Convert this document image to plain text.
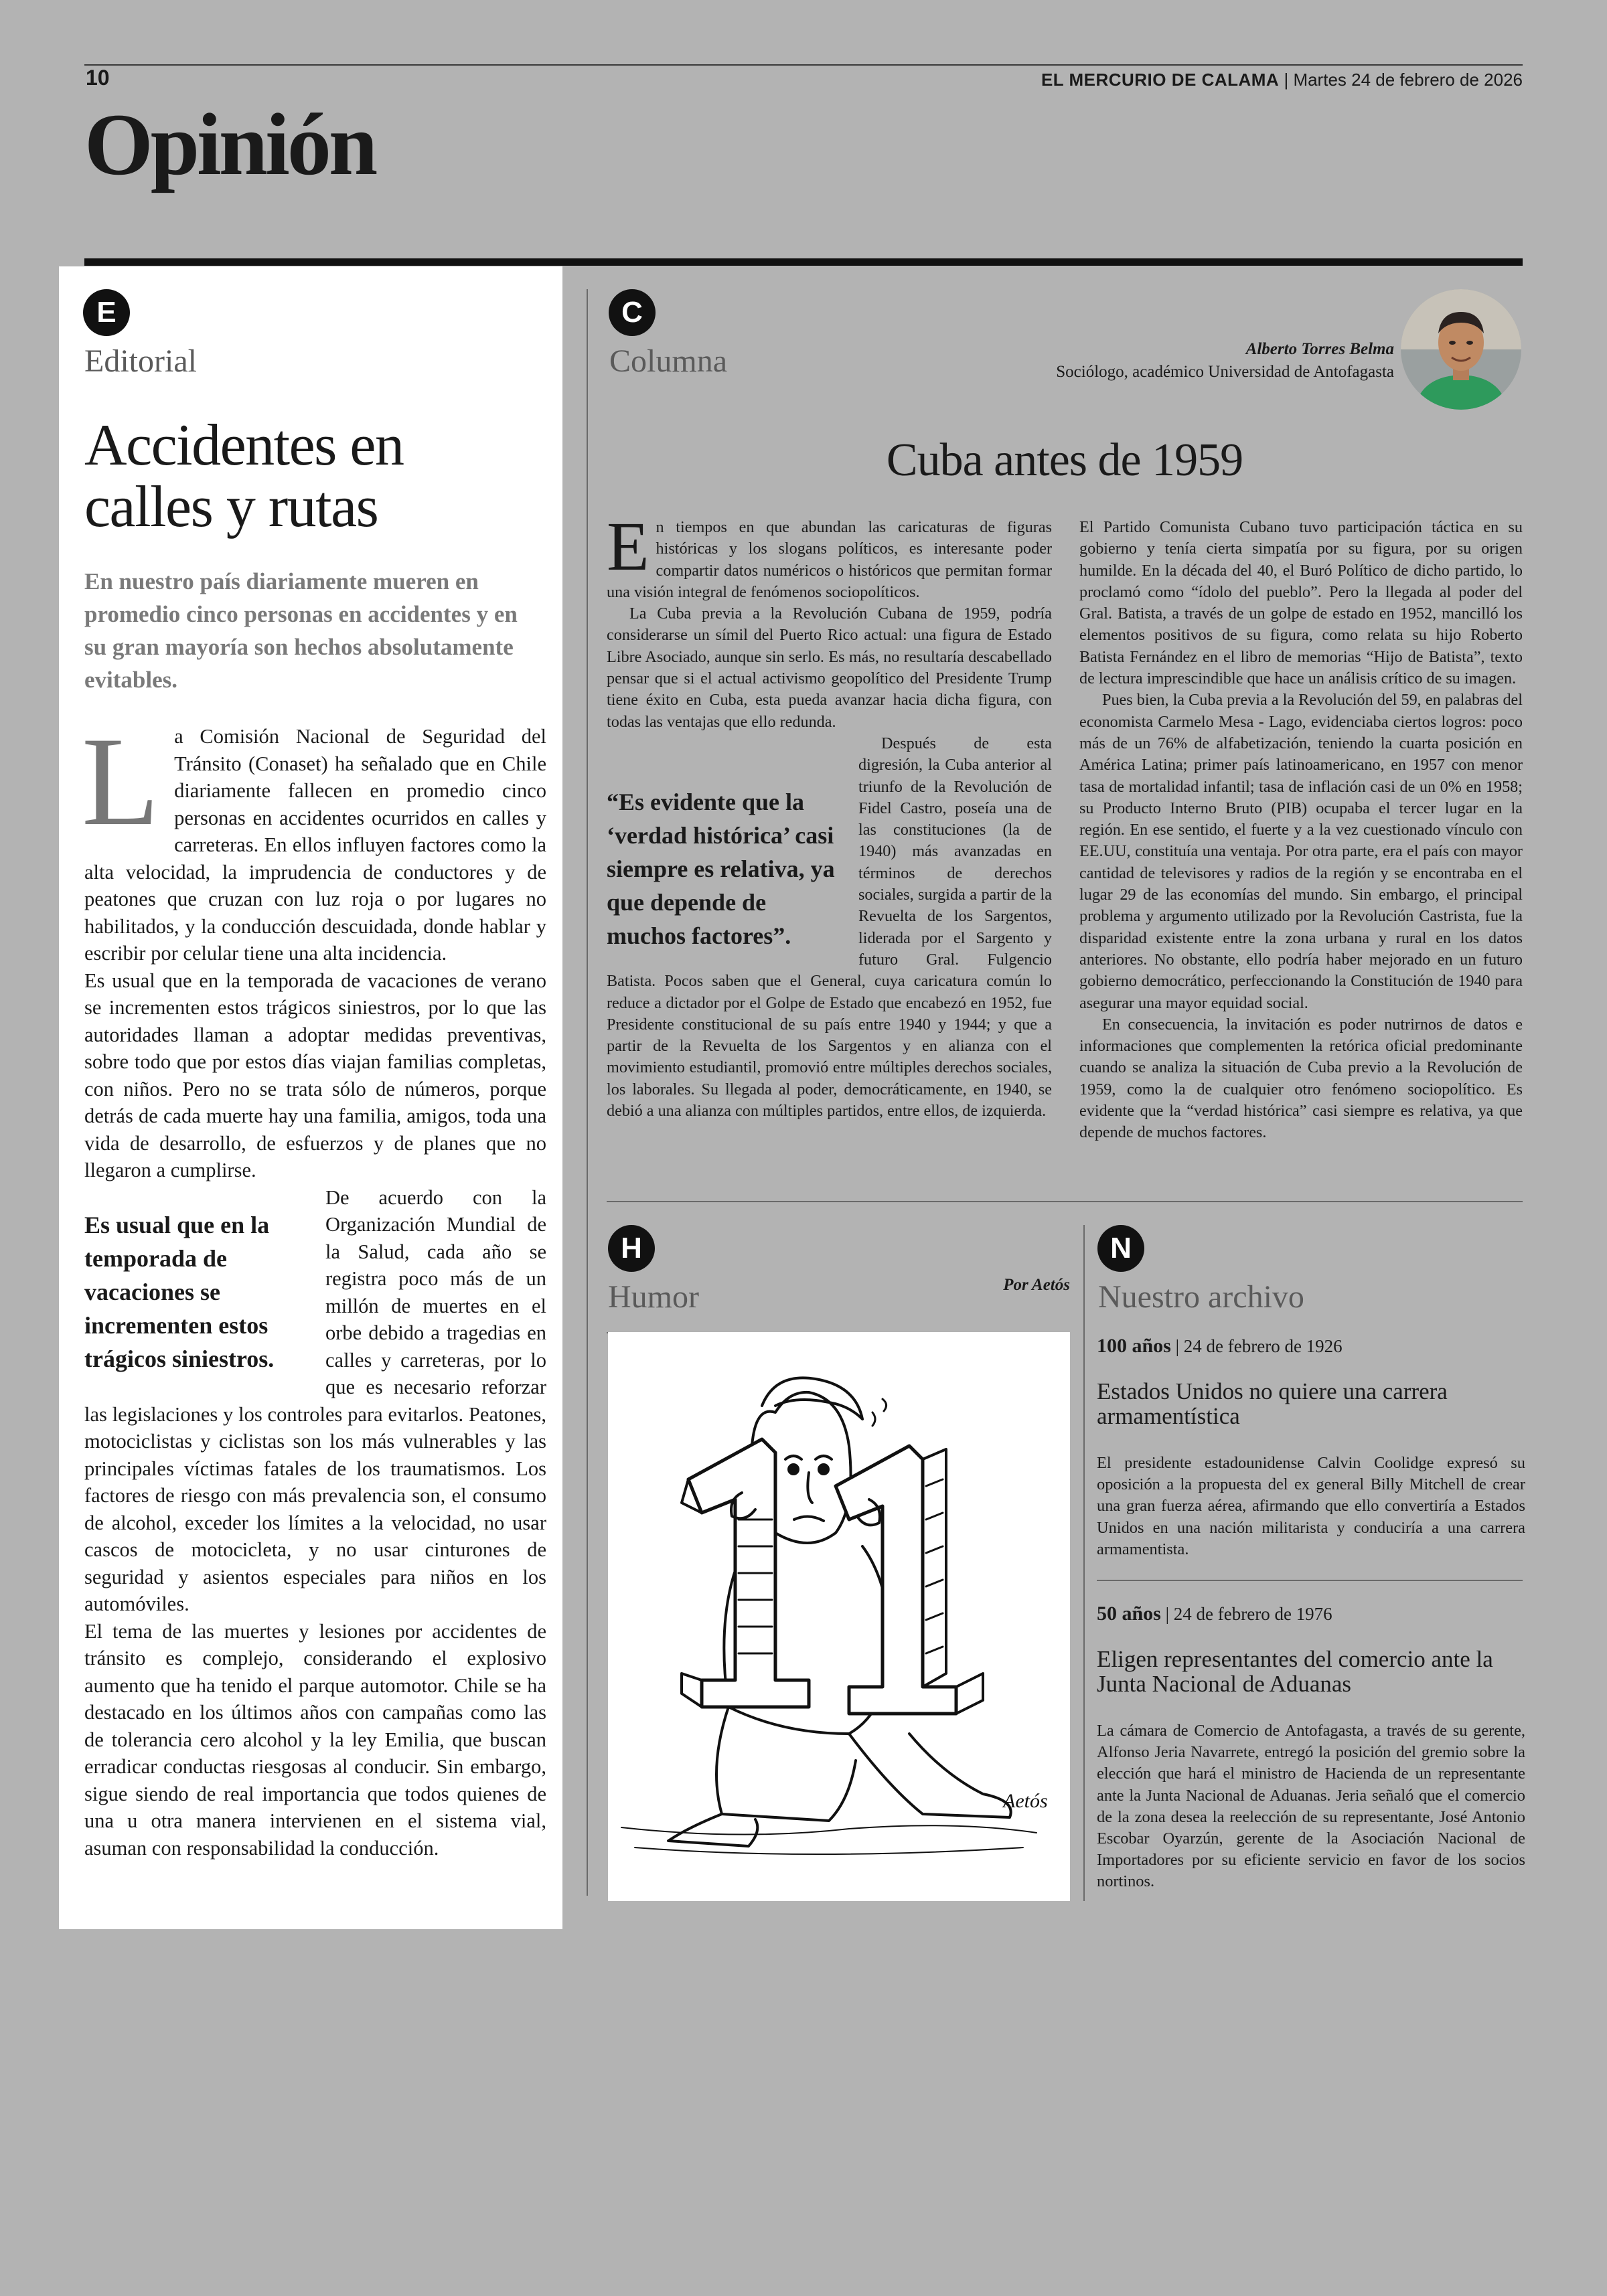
10	EL MERCURIO DE CALAMA | Martes 24 de febrero de 2026
Opinión
E
Editorial
Accidentes en
calles y rutas
En nuestro país diariamente mueren en promedio cinco personas en accidentes y en su gran mayoría son hechos absolutamente evitables.
L a Comisión Nacional de Seguridad del Tránsito (Conaset) ha señalado que en Chile diariamente fallecen en promedio cinco personas en accidentes ocurridos en calles y carreteras. En ellos influyen factores como la alta velocidad, la imprudencia de conductores y de peatones que cruzan con luz roja o por lugares no habilitados, y la conducción descuidada, donde hablar y escribir por celular tiene una alta incidencia.

Es usual que en la temporada de vacaciones de verano se incrementen estos trágicos siniestros, por lo que las autoridades llaman a adoptar medidas preventivas, sobre todo que por estos días viajan familias completas, con niños. Pero no se trata sólo de números, porque detrás de cada muerte hay una familia, amigos, toda una vida de desarrollo, de esfuerzos y de planes que no llegaron a cumplirse.

Es usual que en la temporada de vacaciones se incrementen estos trágicos siniestros.

De acuerdo con la Organización Mundial de la Salud, cada año se registra poco más de un millón de muertes en el orbe debido a tragedias en calles y carreteras, por lo que es necesario reforzar las legislaciones y los controles para evitarlos. Peatones, motociclistas y ciclistas son los más vulnerables y las principales víctimas fatales de los traumatismos. Los factores de riesgo con más prevalencia son, el consumo de alcohol, exceder los límites a la velocidad, no usar cascos de motocicleta, y no usar cinturones de seguridad y asientos especiales para niños en los automóviles.

El tema de las muertes y lesiones por accidentes de tránsito es complejo, considerando el explosivo aumento que ha tenido el parque automotor. Chile se ha destacado en los últimos años con campañas como las de tolerancia cero alcohol y la ley Emilia, que buscan erradicar conductas riesgosas al conducir. Sin embargo, sigue siendo de real importancia que todos quienes de una u otra manera intervienen en el sistema vial, asuman con responsabilidad la conducción.

C
Columna	Alberto Torres Belma
Sociólogo, académico Universidad de Antofagasta
Cuba antes de 1959
E n tiempos en que abundan las caricaturas de figuras históricas y los slogans políticos, es interesante poder compartir datos numéricos o históricos que permitan formar una visión integral de fenómenos sociopolíticos.

La Cuba previa a la Revolución Cubana de 1959, podría considerarse un símil del Puerto Rico actual: una figura de Estado Libre Asociado, aunque sin serlo. Es más, no resultaría descabellado pensar que si el actual activismo geopolítico del Presidente Trump tiene éxito en Cuba, esta pueda avanzar hacia dicha figura, con todas las ventajas que ello redunda.

“Es evidente que la ‘verdad histórica’ casi siempre es relativa, ya que depende de muchos factores”.

Después de esta digresión, la Cuba anterior al triunfo de la Revolución de Fidel Castro, poseía una de las constituciones (la de 1940) más avanzadas en términos de derechos sociales, surgida a partir de la Revuelta de los Sargentos, liderada por el Sargento y futuro Gral. Fulgencio Batista. Pocos saben que el General, cuya caricatura común lo reduce a dictador por el Golpe de Estado que encabezó en 1952, fue Presidente constitucional de su país entre 1940 y 1944; y que a partir de la Revuelta de los Sargentos y en alianza con el movimiento estudiantil, promovió entre múltiples derechos sociales, los laborales. Su llegada al poder, democráticamente, en 1940, se debió a una alianza con múltiples partidos, entre ellos, de izquierda.

El Partido Comunista Cubano tuvo participación táctica en su gobierno y tenía cierta simpatía por su figura, por su origen humilde. En la década del 40, el Buró Político de dicho partido, lo proclamó como “ídolo del pueblo”. Pero la llegada al poder del Gral. Batista, a través de un golpe de estado en 1952, mancilló los elementos positivos de su figura, como relata su hijo Roberto Batista Fernández en el libro de memorias “Hijo de Batista”, texto de lectura imprescindible que hace un análisis crítico de su imagen.

Pues bien, la Cuba previa a la Revolución del 59, en palabras del economista Carmelo Mesa - Lago, evidenciaba ciertos logros: poco más de un 76% de alfabetización, teniendo la cuarta posición en América Latina; primer país latinoamericano, en 1957 con menor tasa de mortalidad infantil; tasa de inflación casi de un 0% en 1958; su Producto Interno Bruto (PIB) ocupaba el tercer lugar en la región. En ese sentido, el fuerte y a la vez cuestionado vínculo con EE.UU, constituía una ventaja. Por otra parte, era el país con mayor cantidad de televisores y radios de la región y se encontraba en el lugar 29 de las economías del mundo. Sin embargo, el principal problema y argumento utilizado por la Revolución Castrista, fue la disparidad existente entre la zona urbana y rural en los datos anteriores. No obstante, ello podría haber mejorado en un futuro gobierno democrático, perfeccionando la Constitución de 1940 para asegurar una mayor equidad social.

En consecuencia, la invitación es poder nutrirnos de datos e informaciones que complementen la retórica oficial predominante cuando se analiza la situación de Cuba previo a la Revolución de 1959, como la de cualquier otro fenómeno sociopolítico. Es evidente que la “verdad histórica” casi siempre es relativa, ya que depende de muchos factores.

H
Humor	Por Aetós
Aetós
N
Nuestro archivo
100 años | 24 de febrero de 1926
Estados Unidos no quiere una carrera armamentística
El presidente estadounidense Calvin Coolidge expresó su oposición a la propuesta del ex general Billy Mitchell de crear una gran fuerza aérea, afirmando que ello convertiría a Estados Unidos en una nación militarista y conduciría a una carrera armamentista.
50 años | 24 de febrero de 1976
Eligen representantes del comercio ante la Junta Nacional de Aduanas
La cámara de Comercio de Antofagasta, a través de su gerente, Alfonso Jeria Navarrete, entregó la posición del gremio sobre la elección que hará el ministro de Hacienda de un representante ante la Junta Nacional de Aduanas. Jeria señaló que el comercio de la zona desea la reelección de su representante, José Antonio Escobar Oyarzún, gerente de la Asociación Nacional de Importadores por su eficiente servicio en favor de los socios nortinos.
